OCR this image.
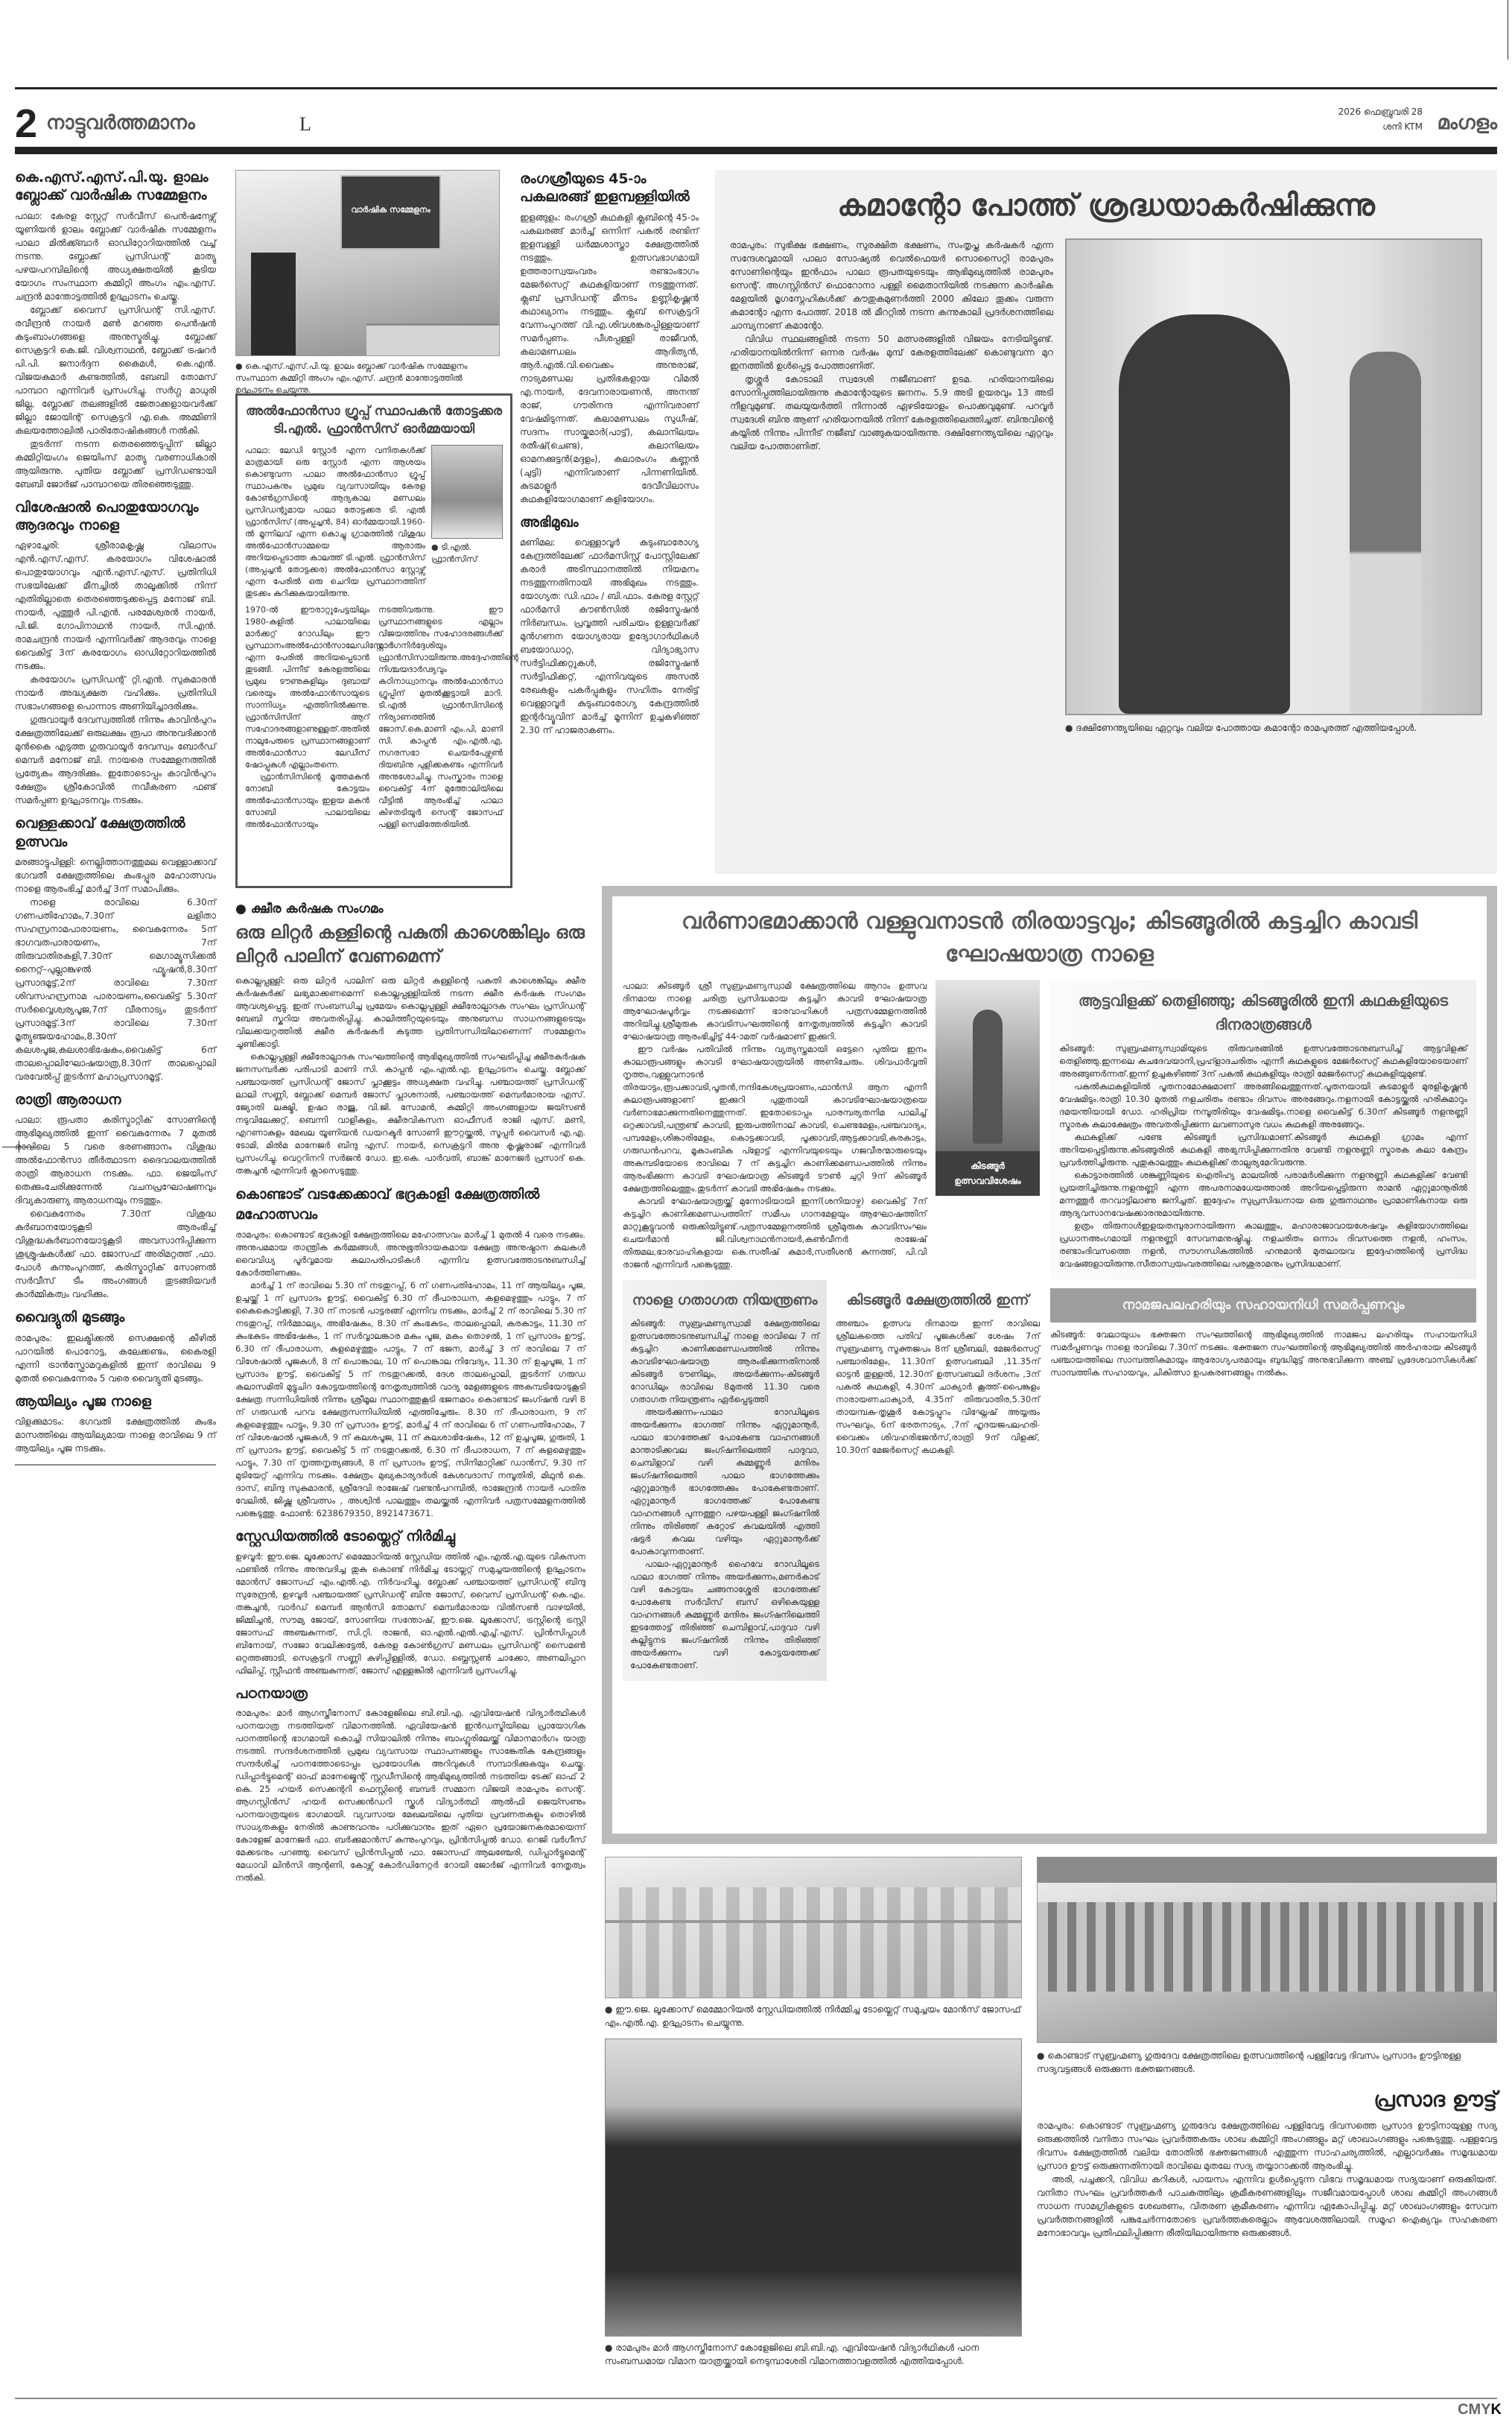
2 നാട്ടുവർത്തമാനം	L
2026 ഫെബ്രുവരി 28
ശനി KTM മംഗളം
കെ.എസ്.എസ്.പി.യു. ളാലം ബ്ലോക്ക് വാർഷിക സമ്മേളനം

പാലാ: കേരള സ്റ്റേറ്റ് സർവീസ് പെൻഷനേഴ്സ് യൂണിയൻ ളാലം ബ്ലോക്ക് വാർഷിക സമ്മേളനം പാലാ മിൽക്ക്ബാർ ഓഡിറ്റോറിയത്തിൽ വച്ച് നടന്നു. ബ്ലോക്ക് പ്രസിഡന്റ് മാത്യു പഴയപറമ്പിലിന്റെ അധ്യക്ഷതയിൽ കൂടിയ യോഗം സംസ്ഥാന കമ്മിറ്റി അംഗം എം.എസ്. ചന്ദ്രൻ മാന്തോട്ടത്തിൽ ഉദ്ഘാടനം ചെയ്തു.

ബ്ലോക്ക് വൈസ് പ്രസിഡന്റ് സി.എസ്. രവീന്ദ്രൻ നായർ മൺ മറഞ്ഞ പെൻഷൻ കുടുംബാംഗങ്ങളെ അനുസ്മരിച്ചു. ബ്ലോക്ക് സെക്രട്ടറി കെ.ജി. വിശ്വനാഥൻ, ബ്ലോക്ക് ട്രഷറർ പി.പി. ജനാർദ്ദന കൈമൾ, കെ.എൻ. വിജയകുമാർ കണ്ടത്തിൽ, ബേബി തോമസ് പാമ്പാറ എന്നിവർ പ്രസംഗിച്ചു. സർഗ്ഗ മാധുരി ജില്ല, ബ്ലോക്ക് തലങ്ങളിൽ ജേതാക്കളായവർക്ക് ജില്ലാ ജോയിന്റ് സെക്രട്ടറി എ.കെ. അമ്മിണി കലയത്തോലിൽ പാരിതോഷികങ്ങൾ നൽകി.

തുടർന്ന് നടന്ന തെരഞ്ഞെടുപ്പിന് ജില്ലാ കമ്മിറ്റിയംഗം ജെയിംസ് മാത്യു വരണാധികാരി ആയിരുന്നു. പുതിയ ബ്ലോക്ക് പ്രസിഡണ്ടായി ബേബി ജോർജ് പാമ്പാറയെ തിരഞ്ഞെടുത്തു.

വിശേഷാൽ പൊതുയോഗവും ആദരവും നാളെ

ഏഴാച്ചേരി: ശ്രീരാമകൃഷ്ണ വിലാസം എൻ.എസ്.എസ്. കരയോഗം വിശേഷാൽ പൊതുയോഗവും എൻ.എസ്.എസ്. പ്രതിനിധി സഭയിലേക്ക് മീനച്ചിൽ താലൂക്കിൽ നിന്ന് എതിരില്ലാതെ തെരഞ്ഞെടുക്കപ്പെട്ട മനോജ് ബി. നായർ, പുത്തൂർ പി.എൻ. പരമേശ്വരൻ നായർ, പി.ജി. ഗോപിനാഥൻ നായർ, സി.എൻ. രാമചന്ദ്രൻ നായർ എന്നിവർക്ക് ആദരവും നാളെ വൈകിട്ട് 3ന് കരയോഗം ഓഡിറ്റോറിയത്തിൽ നടക്കും.

കരയോഗം പ്രസിഡന്റ് റ്റി.എൻ. സുകുമാരൻ നായർ അദ്ധ്യക്ഷത വഹിക്കും. പ്രതിനിധി സഭാംഗങ്ങളെ പൊന്നാട അണിയിച്ചാദരിക്കും.

ഗുരുവായൂർ ദേവസ്വത്തിൽ നിന്നും കാവിൻപുറം ക്ഷേത്രത്തിലേക്ക് ഒരുലക്ഷം രൂപാ അനുവദിക്കാൻ മുൻകൈ എടുത്ത ഗുരുവായൂർ ദേവസ്വം ബോർഡ് മെമ്പർ മനോജ് ബി. നായരെ സമ്മേളനത്തിൽ പ്രത്യേകം ആദരിക്കും. ഇതോടൊപ്പം കാവിൻപുറം ക്ഷേത്രം ശ്രീകോവിൽ നവീകരണ ഫണ്ട് സമർപ്പണ ഉദ്ഘാടനവും നടക്കും.

വെള്ളക്കാവ് ക്ഷേത്രത്തിൽ ഉത്സവം

മരങ്ങാട്ടുപിള്ളി: നെല്ലിത്താനത്തുമല വെള്ളാക്കാവ് ഭഗവതീ ക്ഷേത്രത്തിലെ കുംഭപ്പൂര മഹോത്സവം നാളെ ആരംഭിച്ച് മാർച്ച് 3ന് സമാപിക്കും.

നാളെ രാവിലെ 6.30ന് ഗണപതിഹോമം,7.30ന് ലളിതാ സഹസ്രനാമപാരായണം, വൈകുന്നേരം 5ന് ഭാഗവതപാരായണം, 7ന് തിരുവാതിരകളി,7.30ന് മെഗാമ്യൂസിക്കൽ നൈറ്റ്–പുല്ലാങ്കുഴൽ ഫ്യൂഷൻ,8.30ന് പ്രസാദമൂട്ട്,2ന് രാവിലെ 7.30ന് ശിവസഹസ്രനാമ പാരായണം,വൈകിട്ട് 5.30ന് സർവ്വൈശ്വര്യപൂജ,7ന് വീരനാട്യം തുടർന്ന് പ്രസാദമൂട്ട്.3ന് രാവിലെ 7.30ന് മൃത്യുഞ്ജയഹോമം,8.30ന് കലശപൂജ,കലശാഭിഷേകം,വൈകിട്ട് 6ന് താലപ്പൊലിഘോഷയാത്ര,8.30ന് താലപ്പൊലി വരവേൽപ്പ് തുടർന്ന് മഹാപ്രസാദമൂട്ട്.

രാത്രി ആരാധന

പാലാ: രൂപതാ കരിസ്മാറ്റിക് സോണിന്റെ ആഭിമുഖ്യത്തിൽ ഇന്ന് വൈകുന്നേരം 7 മുതൽ രാവിലെ 5 വരെ ഭരണങ്ങാനം വിശുദ്ധ അൽഫോൻസാ തീർത്ഥാടന ദൈവാലയത്തിൽ രാത്രി ആരാധന നടക്കും. ഫാ. ജെയിംസ് തെക്കുംചേരിക്കുന്നേൽ വചനപ്രഘോഷണവും ദിവ്യകാരുണ്യ ആരാധനയും നടത്തും.

വൈകുന്നേരം 7.30ന് വിശുദ്ധ കുർബാനയോടുകൂടി ആരംഭിച്ച് വിശുദ്ധകുർബാനയോടുകൂടി അവസാനിപ്പിക്കുന്ന ശുശ്രൂഷകൾക്ക് ഫാ. ജോസഫ് അരിമറ്റത്ത് ,ഫാ. പോൾ കുന്നുംപുറത്ത്, കരിസ്മാറ്റിക് സോണൽ സർവീസ് ടീം അംഗങ്ങൾ തുടങ്ങിയവർ കാർമ്മികത്വം വഹിക്കും.

വൈദ്യുതി മുടങ്ങും

രാമപുരം: ഇലക്ട്രിക്കൽ സെക്ഷന്റെ കീഴിൽ പാറയിൽ പൊറോട്ട, കലേക്കണ്ടം, കൈരളി എന്നി ട്രാൻസ്ഫോമറുകളിൽ ഇന്ന് രാവിലെ 9 മുതൽ വൈകുന്നേരം 5 വരെ വൈദ്യുതി മുടങ്ങും.

ആയില്യം പൂജ നാളെ

വിളക്കുമാടം: ഭഗവതി ക്ഷേത്രത്തിൽ കുംഭം മാസത്തിലെ ആയില്യമായ നാളെ രാവിലെ 9 ന് ആയില്യം പൂജ നടക്കും.

വാർഷിക സമ്മേളനം
● കെ.എസ്.എസ്.പി.യു. ളാലം ബ്ലോക്ക് വാർഷിക സമ്മേളനം സംസ്ഥാന കമ്മിറ്റി അംഗം എം.എസ്. ചന്ദ്രൻ മാന്തോട്ടത്തിൽ ഉദ്ഘാടനം ചെയ്യുന്നു.
അൽഫോൻസാ ഗ്രൂപ്പ് സ്ഥാപകൻ തോട്ടക്കര ടി.എൽ. ഫ്രാൻസിസ് ഓർമ്മയായി

പാലാ: ലേഡി സ്റ്റോർ എന്ന വനിതകൾക്ക് മാത്രമായി ഒരു സ്റ്റോർ എന്ന ആശയം കൊണ്ടുവന്ന പാലാ അൽഫോൻസാ ഗ്രൂപ്പ് സ്ഥാപകനും പ്രമുഖ വ്യവസായിയും കേരള കോൺഗ്രസിന്റെ ആദ്യകാല മണ്ഡലം പ്രസിഡന്റുമായ പാലാ തോട്ടക്കര ടി. എൽ ഫ്രാൻസിസ് (അപ്പച്ചൻ, 84) ഓർമ്മയായി.1960-ൽ മൂന്നിലവ് എന്ന കൊച്ചു ഗ്രാമത്തിൽ വിശുദ്ധ അൽഫോൻസാമ്മയെ ആരാരും അറിയപ്പെടാത്ത കാലത്ത് ടി.എൽ. ഫ്രാൻസിസ് (അപ്പച്ചൻ തോട്ടക്കര) അൽഫോൻസാ സ്റ്റോഴ്സ് എന്ന പേരിൽ ഒരു ചെറിയ പ്രസ്ഥാനത്തിന് തുടക്കം കുറിക്കുകയായിരുന്നു.

● ടി.എൽ. ഫ്രാൻസിസ്

1970-ൽ ഈരാറ്റുപേട്ടയിലും 1980-കളിൽ പാലായിലെ മാർക്കറ്റ് റോഡിലും ഈ പ്രസ്ഥാനംഅൽഫോൻസാലേഡിസ്റ്റോർ എന്ന പേരിൽ അറിയപ്പെടാൻ തുടങ്ങി. പിന്നീട് കേരളത്തിലെ പ്രമുഖ ടൗണുകളിലും ദുബായ് വരെയും അൽഫോൻസായുടെ സാന്നിധ്യം എത്തിനിൽക്കുന്നു. ഫ്രാൻസിസിന് ആറ് സഹോദരങ്ങളാണുള്ളത്.അതിൽ നാലുപേരുടെ പ്രസ്ഥാനങ്ങളാണ് അൽഫോൻസാ ലേഡീസ് ഷോപ്പുകൾ എല്ലാംതന്നെ.

ഫ്രാൻസിസിന്റെ മൂത്തമകൻ നോബി കോട്ടയം അൽഫോൻസായും ഇളയ മകൻ സോബി പാലായിലെ അൽഫോൻസായും നടത്തിവരുന്നു. ഈ പ്രസ്ഥാനങ്ങളുടെ എല്ലാം വിജയത്തിനും സഹോദരങ്ങൾക്ക് മാർഗനിർദ്ദേശിയും ഫ്രാൻസിസായിരുന്നു.അദ്ദേഹത്തിന്റെ നിശ്ചയദാർഢ്യവും കഠിനാധ്വാനവും അൽഫോൻസാ ഗ്രൂപ്പിന് മുതൽക്കൂട്ടായി മാറി. ടി.എൽ ഫ്രാൻസിസിന്റെ നിര്യാണത്തിൽ ജോസ്.കെ.മാണി എം.പി, മാണി സി. കാപ്പൻ എം.എൽ.എ, നഗരസഭാ ചെയർപേഴ്സൺ ദിയബിനു പുളിക്കകണ്ടം എന്നിവർ അനുശോചിച്ചു. സംസ്കാരം നാളെ വൈകിട്ട് 4ന് മുത്തോലിയിലെ വീട്ടിൽ ആരംഭിച്ച് പാലാ കിഴതടിയൂർ സെന്റ് ജോസഫ് പള്ളി സെമിത്തേരിയിൽ.

രംഗശ്രീയുടെ 45-ാം പകലരങ്ങ് ഇളമ്പള്ളിയിൽ

ഇളങ്ങുളം: രംഗശ്രീ കഥകളി ക്ലബിന്റെ 45-ാം പകലരങ്ങ് മാർച്ച് ഒന്നിന് പകൽ രണ്ടിന് ഇളമ്പള്ളി ധർമ്മശാസ്താ ക്ഷേത്രത്തിൽ നടത്തും. ഉത്സവഭാഗമായി ഉത്തരാസ്വയംവരം രണ്ടാംഭാഗം മേജർസെറ്റ് കഥകളിയാണ് നടത്തുന്നത്. ക്ലബ് പ്രസിഡന്റ് മീനടം ഉണ്ണികൃഷ്ണൻ കഥാഖ്യാനം നടത്തും. ക്ലബ് സെക്രട്ടറി വേന്നംപുറത്ത് വി.എ.ശിവശങ്കരപ്പിള്ളയാണ് സമർപ്പണം. പീശപ്പള്ളി രാജീവൻ, കലാമണ്ഡലം ആദിത്യൻ, ആർ.എൽ.വി.വൈക്കം അനുരാജ്, നാട്യമണ്ഡല പ്രതിഭകളായ വിമൽ എ.നായർ, ദേവനാരായണൻ, അനന്ത് രാജ്, ഗൗരിനന്ദ എന്നിവരാണ് വേഷമിടുന്നത്. കലാമണ്ഡലം സുധീഷ്, സദനം സായ്കുമാർ(പാട്ട്), കലാനിലയം രതീഷ്(ചെണ്ട), കലാനിലയം ഓമനക്കുട്ടൻ(മദ്ദളം), കലാരംഗം കണ്ണൻ (ചുട്ടി) എന്നിവരാണ് പിന്നണിയിൽ. കുടമാളൂർ ദേവീവിലാസം കഥകളിയോഗമാണ് കളിയോഗം.

അഭിമുഖം

മണിമല: വെള്ളാവൂർ കുടുംബാരോഗ്യ കേന്ദ്രത്തിലേക്ക് ഫാർമസിസ്റ്റ് പോസ്റ്റിലേക്ക് കരാർ അടിസ്ഥാനത്തിൽ നിയമനം നടത്തുന്നതിനായി അഭിമുഖം നടത്തും. യോഗ്യത: ഡി.ഫാം / ബി.ഫാം. കേരള സ്റ്റേറ്റ് ഫാർമസി കൗൺസിൽ രജിസ്ട്രേഷൻ നിർബന്ധം. പ്രവൃത്തി പരിചയം ഉള്ളവർക്ക് മുൻഗണന യോഗ്യരായ ഉദ്യോഗാർഥികൾ ബയോഡാറ്റ, വിദ്യാഭ്യാസ സർട്ടിഫിക്കറ്റുകൾ, രജിസ്ട്രേഷൻ സർട്ടിഫിക്കറ്റ്, എന്നിവയുടെ അസൽ രേഖകളും പകർപ്പുകളും സഹിതം നേരിട്ട് വെള്ളാവൂർ കുടുംബാരോഗ്യ കേന്ദ്രത്തിൽ ഇന്റർവ്യൂവിന് മാർച്ച് മൂന്നിന് ഉച്ചകഴിഞ്ഞ് 2.30 ന് ഹാജരാകണം.

കമാന്റോ പോത്ത് ശ്രദ്ധയാകർഷിക്കുന്നു

രാമപുരം: സുഭിക്ഷ ഭക്ഷണം, സുരക്ഷിത ഭക്ഷണം, സംതൃപ്ത കർഷകർ എന്ന സന്ദേശവുമായി പാലാ സോഷ്യൽ വെൽഫെയർ സൊസൈറ്റി രാമപുരം സോണിന്റെയും ഇൻഫാം പാലാ രൂപതയുടെയും ആഭിമുഖ്യത്തിൽ രാമപുരം സെന്റ്. അഗസ്റ്റിൻസ് ഫൊറോനാ പള്ളി മൈതാനിയിൽ നടക്കുന്ന കാർഷിക മേളയിൽ മൃഗസ്നേഹികൾക്ക് കൗതുകമുണർത്തി 2000 കിലോ തൂക്കം വരുന്ന കമാന്റോ എന്ന പോത്ത്. 2018 ൽ മീററ്റിൽ നടന്ന കന്നുകാലി പ്രദർശനത്തിലെ ചാമ്പ്യനാണ് കമാന്റോ.

വിവിധ സ്ഥലങ്ങളിൽ നടന്ന 50 മത്സരങ്ങളിൽ വിജയം നേടിയിട്ടുണ്ട്. ഹരിയാനയിൽനിന്ന് ഒന്നര വർഷം മുമ്പ് കേരളത്തിലേക്ക് കൊണ്ടുവന്ന മുറ ഇനത്തിൽ ഉൾപ്പെട്ട പോത്താണിത്.

തൃശ്ശൂർ കോടാലി സ്വദേശി നജീബാണ് ഉടമ. ഹരിയാനയിലെ സോനിപ്പത്തിലായിരുന്നു കമാന്റോയുടെ ജനനം. 5.9 അടി ഉയരവും 13 അടി നീളവുമുണ്ട്. തലയുയർത്തി നിന്നാൽ ഏഴടിയോളം പൊക്കവുമുണ്ട്. പറവൂർ സ്വദേശി ബിനു ആണ് ഹരിയാനയിൽ നിന്ന് കേരളത്തിലെത്തിച്ചത്. ബിനുവിന്റെ കയ്യിൽ നിന്നും പിന്നീട് നജീബ് വാങ്ങുകയായിരുന്നു. ദക്ഷിണേന്ത്യയിലെ ഏറ്റവും വലിയ പോത്താണിത്.

● ദക്ഷിണേന്ത്യയിലെ ഏറ്റവും വലിയ പോത്തായ കമാന്റോ രാമപുരത്ത് എത്തിയപ്പോൾ.
● ക്ഷീര കർഷക സംഗമം
ഒരു ലിറ്റർ കള്ളിന്റെ പകുതി കാശെങ്കിലും ഒരു ലിറ്റർ പാലിന് വേണമെന്ന്

കൊല്ലപ്പള്ളി: ഒരു ലിറ്റർ പാലിന് ഒരു ലിറ്റർ കള്ളിന്റെ പകുതി കാശെങ്കിലും ക്ഷീര കർഷകർക്ക് ലഭ്യമാക്കണമെന്ന് കൊല്ലപ്പള്ളിയിൽ നടന്ന ക്ഷീര കർഷക സംഗമം ആവശ്യപ്പെട്ടു. ഇത് സംബന്ധിച്ച പ്രമേയം കൊല്ലപ്പള്ളി ക്ഷീരോല്പാദക സംഘം പ്രസിഡന്റ് ബേബി സ്കറിയ അവതരിപ്പിച്ചു. കാലിത്തീറ്റയുടെയും അനുബന്ധ സാധനങ്ങളുടെയും വിലക്കയറ്റത്തിൽ ക്ഷീര കർഷകർ കടുത്ത പ്രതിസന്ധിയിലാണെന്ന് സമ്മേളനം ചൂണ്ടിക്കാട്ടി.

കൊല്ലപ്പള്ളി ക്ഷീരോല്പാദക സംഘത്തിന്റെ ആഭിമുഖ്യത്തിൽ സംഘടിപ്പിച്ച ക്ഷീരകർഷക ജനസമ്പർക്ക പരിപാടി മാണി സി. കാപ്പൻ എം.എൽ.എ. ഉദ്ഘാടനം ചെയ്തു. ബ്ലോക്ക് പഞ്ചായത്ത് പ്രസിഡന്റ് ജോസ് പ്ലാക്കൂട്ടം അധ്യക്ഷത വഹിച്ചു. പഞ്ചായത്ത് പ്രസിഡന്റ് ലാലി സണ്ണി, ബ്ലോക്ക് മെമ്പർ ജോസ് പ്ലാശനാൽ, പഞ്ചായത്ത് മെമ്പർമാരായ എസ്. ജ്യോതി ലക്ഷ്മി, ഉഷാ രാജു, വി.ജി. സോമൻ, കമ്മിറ്റി അംഗങ്ങളായ ജയ്സൺ നടുവിലേക്കുറ്റ്, ബെന്നി വാളികുളം, ക്ഷീരവികസന ഓഫീസർ രാജി എസ്. മണി, എറണാകുളം മേഖല യൂണിയൻ ഡയറക്ടർ സോണി ഈറ്റയ്ക്കൽ, സൂപ്പർ വൈസർ എ.എ. ടോമി, മിൽമ മാനേജർ ബിന്ദു എസ്. നായർ, സെക്രട്ടറി അനു കൃഷ്ണരാജ് എന്നിവർ പ്രസംഗിച്ചു. വെറ്ററിനറി സർജൻ ഡോ. ഇ.കെ. പാർവതി, ബാങ്ക് മാനേജർ പ്രസാദ് കെ. തങ്കച്ചൻ എന്നിവർ ക്ലാസെടുത്തു.

കൊണ്ടാട് വടക്കേക്കാവ് ഭദ്രകാളി ക്ഷേത്രത്തിൽ മഹോത്സവം

രാമപുരം: കൊണ്ടാട് ഭദ്രകാളി ക്ഷേത്രത്തിലെ മഹോത്സവം മാർച്ച് 1 മുതൽ 4 വരെ നടക്കും. അനുപമമായ താന്ത്രിക കർമ്മങ്ങൾ, അനുഭൂതിദായകമായ ക്ഷേത്ര അനുഷ്ഠാന കലകൾ വൈവിധ്യ പൂർവ്വമായ കലാപരിപാടികൾ എന്നിവ ഉത്സവത്തോടനുബന്ധിച്ച് കോർത്തിണക്കും.

മാർച്ച് 1 ന് രാവിലെ 5.30 ന് നടതുറപ്പ്, 6 ന് ഗണപതിഹോമം, 11 ന് ആയില്യം പൂജ, ഉച്ചയ്ക്ക് 1 ന് പ്രസാദം ഊട്ട്, വൈകിട്ട് 6.30 ന് ദീപാരാധന, കളമെഴുത്തും പാട്ടും, 7 ന് കൈകൊട്ടിക്കളി, 7.30 ന് നാടൻ പാട്ടരങ്ങ് എന്നിവ നടക്കും, മാർച്ച് 2 ന് രാവിലെ 5.30 ന് നടതുറപ്പ്, നിർമ്മാല്യം, അഭിഷേകം, 8.30 ന് കുംഭകുടം, താലപ്പൊലി, കരകാട്ടം, 11.30 ന് കുംഭകുടം അഭിഷേകം, 1 ന് സർവ്വാലങ്കാര മകം പൂജ, മകം തൊഴൽ, 1 ന് പ്രസാദം ഊട്ട്, 6.30 ന് ദീപാരാധന, കളമെഴുത്തും പാട്ടും, 7 ന് ഭജന, മാർച്ച് 3 ന് രാവിലെ 7 ന് വിശേഷാൽ പൂജകൾ, 8 ന് പൊങ്കാല, 10 ന് പൊങ്കാല നിവേദ്യം, 11.30 ന് ഉച്ചപൂജ, 1 ന് പ്രസാദം ഊട്ട്, വൈകിട്ട് 5 ന് നടതുറക്കൽ, ദേശ താലപ്പൊലി, തുടർന്ന് ഗരുഡ കലാസമിതി മുട്ടുചിറ കോട്ടയത്തിന്റെ നേതൃത്വത്തിൽ വാദ്യ മേളങ്ങളുടെ അകമ്പടിയോടുകൂടി ക്ഷേത്ര സന്നിധിയിൽ നിന്നും ശ്രീമൂല സ്ഥാനത്തുകൂടി ഭജനമഠം കൊണ്ടാട് ജംഗ്ഷൻ വഴി 8 ന് ഗരുഡൻ പറവ ക്ഷേത്രസന്നിധിയിൽ എത്തിച്ചേരും. 8.30 ന് ദീപാരാധന, 9 ന് കളമെഴുത്തും പാട്ടും, 9.30 ന് പ്രസാദം ഊട്ട്, മാർച്ച് 4 ന് രാവിലെ 6 ന് ഗണപതിഹോമം, 7 ന് വിശേഷാൽ പൂജകൾ, 9 ന് കലശപൂജ, 11 ന് കലശാഭിഷേകം, 12 ന് ഉച്ചപൂജ, ഗുരുതി, 1 ന് പ്രസാദം ഊട്ട്, വൈകിട്ട് 5 ന് നടതുറക്കൽ, 6.30 ന് ദീപാരാധന, 7 ന് കളമെഴുത്തും പാട്ടും, 7.30 ന് നൃത്തനൃത്യങ്ങൾ, 8 ന് പ്രസാദം ഊട്ട്, സിനിമാറ്റിക്ക് ഡാൻസ്, 9.30 ന് മുടിയേറ്റ് എന്നിവ നടക്കും. ക്ഷേത്രം മുഖ്യകാര്യദർശി കേശവദാസ് നമ്പൂതിരി, മിഥുൻ കെ. ദാസ്, ബിന്ദു സുകുമാരൻ, ശ്രീദേവി രാജേഷ് വണ്ടൻപറമ്പിൽ, രാജേന്ദ്രൻ നായർ പാതിര വേലിൽ, ജിഷ്ണു ശ്രീവത്സം , അശ്വിൻ പാലത്തും തലയ്ക്കൽ എന്നിവർ പത്രസമ്മേളനത്തിൽ പങ്കെടുത്തു. ഫോൺ: 6238679350, 8921473671.

സ്റ്റേഡിയത്തിൽ ടോയ്ലെറ്റ് നിർമിച്ചു

ഉഴവൂർ: ഈ.ജെ. ലൂക്കോസ് മെമ്മോറിയൽ സ്റ്റേഡിയ ത്തിൽ എം.എൽ.എ.യുടെ വികസന ഫണ്ടിൽ നിന്നും അനുവദിച്ച തുക കൊണ്ട് നിർമിച്ച ടോയ്ലറ്റ് സമുച്ചയത്തിന്റെ ഉദ്ഘാടനം മോൻസ് ജോസഫ് എം.എൽ.എ. നിർവഹിച്ചു. ബ്ലോക്ക് പഞ്ചായത്ത് പ്രസിഡന്റ് ബിന്ദു സുരേന്ദ്രൻ, ഉഴവൂർ പഞ്ചായത്ത് പ്രസിഡന്റ് ബിനു ജോസ്, വൈസ് പ്രസിഡന്റ് കെ.എം. തങ്കച്ചൻ, വാർഡ് മെമ്പർ ആൻസി തോമസ് മെമ്പർമാരായ വിൽസൺ വാഴയിൽ, ജിമ്മിച്ചൻ, സൗമ്യ ജോയ്, സോണിയ സന്തോഷ്, ഈ.ജെ. ലൂക്കോസ്, ട്രസ്റ്റിന്റെ ട്രസ്റ്റി ജോസഫ് അഞ്ചകുന്നത്, സി.റ്റി. രാജൻ, ഓ.എൽ.എൽ.എച്ച്.എസ്. പ്രിൻസിപ്പാൾ ബിനോയ്, സജോ വേലിക്കട്ടേൽ, കേരള കോൺഗ്രസ് മണ്ഡലം പ്രസിഡന്റ് സൈമൺ ഒറ്റത്തങ്ങാടി, സെക്രട്ടറി സണ്ണി കുഴിപ്പിള്ളിൽ, ഡോ. ബ്ലെസ്സൺ ചാക്കോ, അണലിപ്പാറ ഫിലിപ്പ്, സ്റ്റീഫൻ അഞ്ചകുന്നത്, ജോസ് എള്ളങ്കിൽ എന്നിവർ പ്രസംഗിച്ചു.

പഠനയാത്ര

രാമപുരം: മാർ ആഗസ്തീനോസ് കോളേജിലെ ബി.ബി.എ. ഏവിയേഷൻ വിദ്യാർത്ഥികൾ പഠനയാത്ര നടത്തിയത് വിമാനത്തിൽ. ഏവിയേഷൻ ഇൻഡസ്ട്രിയിലെ പ്രായോഗിക പഠനത്തിന്റെ ഭാഗമായി കൊച്ചി സിയാലിൽ നിന്നും ബാംഗ്ലൂരിലേയ്ക്ക് വിമാനമാർഗം യാത്ര നടത്തി. സന്ദർശനത്തിൽ പ്രമുഖ വ്യവസായ സ്ഥാപനങ്ങളും സാങ്കേതിക കേന്ദ്രങ്ങളും സന്ദർശിച്ച് പഠനത്തോടൊപ്പം പ്രായോഗിക അറിവുകൾ സമ്പാദിക്കുകയും ചെയ്തു. ഡിപ്പാർട്ടുമെന്റ് ഓഫ് മാനേജ്മെന്റ് സ്റ്റഡീസിന്റെ ആഭിമുഖ്യത്തിൽ നടത്തിയ ടേക്ക് ഓഫ് 2 കെ. 25 ഹയർ സെക്കന്ററി ഫെസ്റ്റിന്റെ ബമ്പർ സമ്മാന വിജയി രാമപുരം സെന്റ്. ആഗസ്റ്റിൻസ് ഹയർ സെക്കൻഡറി സ്കൂൾ വിദ്യാർത്ഥി ആൽഫി ജെയ്സണും പഠനയാത്രയുടെ ഭാഗമായി. വ്യവസായ മേഖലയിലെ പുതിയ പ്രവണതകളും തൊഴിൽ സാധ്യതകളും നേരിൽ കാണുവാനും പഠിക്കുവാനും ഇത് ഏറെ പ്രയോജനകരമായെന്ന് കോളേജ് മാനേജർ ഫാ. ബർക്കുമാൻസ് കുന്നുംപുറവും, പ്രിൻസിപ്പൽ ഡോ. റെജി വർഗീസ് മേക്കടനും പറഞ്ഞു. വൈസ് പ്രിൻസിപ്പൽ ഫാ. ജോസഫ് ആലഞ്ചേരി, ഡിപ്പാർട്ടുമെന്റ് മേധാവി ലിൻസി ആന്റണി, കോഴ്സ് കോർഡിനേറ്റർ റോയി ജോർജ് എന്നിവർ നേതൃത്വം നൽകി.

വർണാഭമാക്കാൻ വള്ളുവനാടൻ തിരയാട്ടവും; കിടങ്ങൂരിൽ കട്ടച്ചിറ കാവടി ഘോഷയാത്ര നാളെ

പാലാ: കിടങ്ങൂർ ശ്രീ സുബ്രഹ്മണ്യസ്വാമി ക്ഷേത്രത്തിലെ ആറാം ഉത്സവ ദിനമായ നാളെ ചരിത്ര പ്രസിദ്ധമായ കട്ടച്ചിറ കാവടി ഘോഷയാത്ര ആഘോഷപൂർവ്വം നടക്കുമെന്ന് ഭാരവാഹികൾ പത്രസമ്മേളനത്തിൽ അറിയിച്ചു.ശ്രീമുരുക കാവടിസംഘത്തിന്റെ നേതൃത്വത്തിൽ കട്ടച്ചിറ കാവടി ഘോഷയാത്ര ആരംഭിച്ചിട്ട് 44-ാമത് വർഷമാണ് ഇക്കുറി.

ഈ വർഷം പതിവിൽ നിന്നും വ്യത്യസ്തമായി ഒട്ടേറെ പുതിയ ഇനം കാലാരൂപങ്ങളും കാവടി ഘോഷയാത്രയിൽ അണിചേരും. ശിവപാർവ്വതി നൃത്തം,വള്ളുവനാടൻ തിരയാട്ടം,രൂപക്കാവടി,പൂതൻ,നന്ദികേശപ്രയാണം,ഫാൻസി ആന എന്നീ കലാരൂപങ്ങളാണ് ഇക്കുറി പുതുതായി കാവടിഘോഷയാത്രയെ വർണാഭമാക്കുന്നതിനെത്തുന്നത്. ഇതോടൊപ്പം പാരമ്പര്യതനിമ പാലിച്ച് ഒറ്റക്കാവടി,പന്ത്രണ്ട് കാവടി, ഇരുപത്തിനാല് കാവടി, ചെണ്ടമേളം,പഞ്ചവാദ്യം, പമ്പമേളം,ശിങ്കാരിമേളം, കൊട്ടക്കാവടി, പൂക്കാവടി,ആട്ടക്കാവടി,കരകാട്ടം, ഗരുഡൻപറവ, മൂകാംബിക പ്ളോട്ട് എന്നിവയുടെയും ഗജവീരന്മാരുടെയും അകമ്പടിയോടെ രാവിലെ 7 ന് കട്ടച്ചിറ കാണിക്കമണ്ഡപത്തിൽ നിന്നും ആരംഭിക്കുന്ന കാവടി ഘോഷയാത്ര കിടങ്ങൂർ ടൗൺ ചുറ്റി 9ന് കിടങ്ങൂർ ക്ഷേത്രത്തിലെത്തും.തുടർന്ന് കാവടി അഭിഷേകം നടക്കും.

കാവടി ഘോഷയാത്രയ്ക്ക് മുന്നോടിയായി ഇന്ന്(ശനിയാഴ്ച) വൈകിട്ട് 7ന് കട്ടച്ചിറ കാണിക്കമണ്ഡപത്തിന് സമീപം ഗാനമേളയും ആഘോഷത്തിന് മാറ്റുകൂട്ടുവാൻ ഒരുക്കിയിട്ടുണ്ട്.പത്രസമ്മേളനത്തിൽ ശ്രീമുരുക കാവടിസംഘം ചെയർമാൻ ജി.വിശ്വനാഥൻനായർ,കൺവീനർ രാജേഷ് തിരുമല,ഭാരവാഹികളായ കെ.സതീഷ് കുമാർ,സതീശൻ കുന്നത്ത്, പി.വി രാജൻ എന്നിവർ പങ്കെടുത്തു.

കിടങ്ങൂർ ഉത്സവവിശേഷം
നാളെ ഗതാഗത നിയന്ത്രണം

കിടങ്ങൂർ: സുബ്രഹ്മണ്യസ്വാമി ക്ഷേത്രത്തിലെ ഉത്സവത്തോടനുബന്ധിച്ച് നാളെ രാവിലെ 7 ന് കട്ടച്ചിറ കാണിക്കമണ്ഡപത്തിൽ നിന്നും കാവടിഘോഷയാത്ര ആരംഭിക്കുന്നതിനാൽ കിടങ്ങൂർ ടൗണിലും, അയർക്കുന്നം-കിടങ്ങൂർ റോഡിലും രാവിലെ 8മുതൽ 11.30 വരെ ഗതാഗത നിയന്ത്രണം ഏർപ്പെടുത്തി

അയർക്കുന്നം-പാലാ റോഡിലൂടെ അയർക്കുന്നം ഭാഗത്ത് നിന്നും ഏറ്റുമാനൂർ, പാലാ ഭാഗത്തേക്ക് പോകേണ്ട വാഹനങ്ങൾ മാന്താടിക്കവല ജംഗ്ഷനിലെത്തി പാദുവാ, ചെമ്പിളാവ് വഴി കുമ്മണ്ണൂർ മന്ദിരം ജംഗ്ഷനിലെത്തി പാലാ ഭാഗത്തേക്കും ഏറ്റുമാനൂർ ഭാഗത്തേക്കും പോകേണ്ടതാണ്. ഏറ്റുമാനൂർ ഭാഗത്തേക്ക് പോകേണ്ട വാഹനങ്ങൾ പുന്നത്തുറ പഴയപള്ളി ജംഗ്ഷനിൽ നിന്നും തിരിഞ്ഞ് കറ്റോട് കവലയിൽ എത്തി ഷട്ടർ കവല വഴിയും ഏറ്റുമാനൂർക്ക് പോകാവുന്നതാണ്.

പാലാ-ഏറ്റുമാനൂർ ഹൈവേ റോഡിലൂടെ പാലാ ഭാഗത്ത് നിന്നും അയർക്കുന്നം,മണർകാട് വഴി കോട്ടയം ചങ്ങനാശ്ശേരി ഭാഗത്തേക്ക് പോകേണ്ട സർവീസ് ബസ് ഒഴികെയുള്ള വാഹനങ്ങൾ കുമ്മണ്ണൂർ മന്ദിരം ജംഗ്ഷനിലെത്തി ഇടത്തോട്ട് തിരിഞ്ഞ് ചെമ്പിളാവ്,പാദുവാ വഴി കല്ലിട്ടുനട ജംഗ്ഷനിൽ നിന്നും തിരിഞ്ഞ് അയർക്കുന്നം വഴി കോട്ടയത്തേക്ക് പോകേണ്ടതാണ്.

കിടങ്ങൂർ ക്ഷേത്രത്തിൽ ഇന്ന്

അഞ്ചാം ഉത്സവ ദിനമായ ഇന്ന് രാവിലെ ശ്രീലകത്തെ പതിവ് പൂജകൾക്ക് ശേഷം 7ന് സുബ്രഹ്മണ്യ സൂക്തജപം 8ന് ശ്രീബലി, മേജർസെറ്റ് പഞ്ചാരിമേളം, 11.30ന് ഉത്സവബലി ,11.35ന് ഓട്ടൻ തുള്ളൽ, 12.30ന് ഉത്സവബലി ദർശനം ,3ന് പകൽ കഥകളി, 4.30ന് ചാക്യാർ കൂത്ത്-പൈങ്കുളം നാരായണചാക്യാർ, 4.35ന് തിരുവാതിര,5.30ന് തായമ്പക-തൃശൂർ കോട്ടപ്പുറം വിഘ്നേഷ് അയ്യരും സംഘവും, 6ന് ഭരതനാട്യം, ,7ന് ഹൃദയജപലഹരി-വൈക്കം ശിവഹരിഭജൻസ്,രാത്രി 9ന് വിളക്ക്, 10.30ന് മേജർസെറ്റ് കഥകളി.

ആട്ടവിളക്ക് തെളിഞ്ഞു; കിടങ്ങൂരിൽ ഇനി കഥകളിയുടെ ദിനരാത്രങ്ങൾ

കിടങ്ങൂർ: സുബ്രഹ്മണ്യസ്വാമിയുടെ തിരുവരങ്ങിൽ ഉത്സവത്തോടനുബന്ധിച്ച് ആട്ടവിളക്ക് തെളിഞ്ഞു.ഇന്നലെ കചദേവയാനി,പ്രഹ്ളാദചരിതം എന്നീ കഥകളുടെ മേജർസെറ്റ് കഥകളിയോടെയാണ് അരങ്ങുണർന്നത്.ഇന്ന് ഉച്ചകഴിഞ്ഞ് 3ന് പകൽ കഥകളിയും രാത്രി മേജർസെറ്റ് കഥകളിയുമുണ്ട്.

പകൽകഥകളിയിൽ പൂതനാമോക്ഷമാണ് അരങ്ങിലെത്തുന്നത്.പൂതനയായി കുടമാളൂർ മുരളികൃഷ്ണൻ വേഷമിടും.രാത്രി 10.30 മുതൽ നളചരിതം രണ്ടാം ദിവസം അരങ്ങേറും.നളനായി കോട്ടയ്ക്കൽ ഹരികുമാറും ദമയന്തിയായി ഡോ. ഹരിപ്രിയ നമ്പൂതിരിയും വേഷമിടും.നാളെ വൈകിട്ട് 6.30ന് കിടങ്ങൂർ നളനുണ്ണി സ്മാരക കലാക്ഷേത്രം അവതരിപ്പിക്കുന്ന ലവണാസുര വധം കഥകളി അരങ്ങേറും.

കഥകളിക്ക് പണ്ടേ കിടങ്ങൂർ പ്രസിദ്ധമാണ്.കിടങ്ങൂർ കഥകളി ഗ്രാമം എന്ന് അറിയപ്പെട്ടിരുന്നു.കിടങ്ങൂരിൽ കഥകളി അഭ്യസിപ്പിക്കുന്നതിനു വേണ്ടി നളനുണ്ണി സ്മാരക കലാ കേന്ദ്രം പ്രവർത്തിച്ചിരുന്നു. പുതുകാലത്തും കഥകളിക്ക് താല്പര്യമേറിവരുന്നു.

കൊട്ടാരത്തിൽ ശങ്കുണ്ണിയുടെ ഐതിഹ്യ മാലയിൽ പരാമർശിക്കുന്ന നളനുണ്ണി കഥകളിക്ക് വേണ്ടി പ്രയത്നിച്ചിരുന്നു.നളനുണ്ണി എന്ന അപരനാമധേയത്താൽ അറിയപ്പെട്ടിരുന്ന രാമൻ ഏറ്റുമാനൂരിൽ മന്നത്തൂർ തറവാട്ടിലാണു ജനിച്ചത്. ഇദ്ദേഹം സുപ്രസിദ്ധനായ ഒരു ഗുരുനാഥനും പ്രാമാണികനായ ഒരു ആദ്യവസാനവേഷക്കാരനുമായിരുന്നു.

ഉത്രം തിരുനാൾഇളയതമ്പുരാനായിരുന്ന കാലത്തും, മഹാരാജാവായശേഷവും കളിയോഗത്തിലെ പ്രധാനഅംഗമായി നളനുണ്ണി സേവനമനുഷ്ഠിച്ചു. നളചരിതം ഒന്നാം ദിവസത്തെ നളൻ, ഹംസം, രണ്ടാംദിവസത്തെ നളൻ, സൗഗന്ധികത്തിൽ ഹനുമാൻ മുതലായവ ഇദ്ദേഹത്തിന്റെ പ്രസിദ്ധ വേഷങ്ങളായിരുന്നു.സീതാസ്വയംവരത്തിലെ പരശുരാമനും പ്രസിദ്ധമാണ്.

നാമജപലഹരിയും സഹായനിധി സമർപ്പണവും

കിടങ്ങൂർ: വേലായുധം ഭക്തജന സംഘത്തിന്റെ ആഭിമുഖ്യത്തിൽ നാമജപ ലഹരിയും സഹായനിധി സമർപ്പണവും നാളെ രാവിലെ 7.30ന് നടക്കും. ഭക്തജന സംഘത്തിന്റെ ആഭിമുഖ്യത്തിൽ അർഹരായ കിടങ്ങൂർ പഞ്ചായത്തിലെ സാമ്പത്തികമായും ആരോഗ്യപരമായും ബുദ്ധിമുട്ട് അനുഭവിക്കുന്ന അഞ്ച് പ്രദേശവാസികൾക്ക് സാമ്പത്തിക സഹായവും, ചികിത്സാ ഉപകരണങ്ങളും നൽകും.

● ഈ.ജെ. ലൂക്കോസ് മെമ്മോറിയൽ സ്റ്റേഡിയത്തിൽ നിർമ്മിച്ച ടോയ്ലെറ്റ് സമുച്ചയം മോൻസ് ജോസഫ് എം.എൽ.എ. ഉദ്ഘാടനം ചെയ്യുന്നു.
● രാമപുരം മാർ ആഗസ്തീനോസ് കോളേജിലെ ബി.ബി.എ. ഏവിയേഷൻ വിദ്യാർഥികൾ പഠന സംബന്ധമായ വിമാന യാത്രയ്ക്കായി നെടുമ്പാശേരി വിമാനത്താവളത്തിൽ എത്തിയപ്പോൾ.
● കൊണ്ടാട് സുബ്രഹ്മണ്യ ഗുരുദേവ ക്ഷേത്രത്തിലെ ഉത്സവത്തിന്റെ പള്ളിവേട്ട ദിവസം പ്രസാദം ഊട്ടിനുള്ള സദ്യവട്ടങ്ങൾ ഒരുക്കുന്ന ഭക്തജനങ്ങൾ.
പ്രസാദ ഊട്ട്

രാമപുരം: കൊണ്ടാട് സുബ്രഹ്മണ്യ ഗുരുദേവ ക്ഷേത്രത്തിലെ പള്ളിവേട്ട ദിവസത്തെ പ്രസാദ ഊട്ടിനായുള്ള സദ്യ ഒരുക്കത്തിൽ വനിതാ സംഘം പ്രവർത്തകരും ശാഖ കമ്മിറ്റി അംഗങ്ങളും മറ്റ് ശാഖാംഗങ്ങളും പങ്കെടുത്തു. പള്ളവേട്ട ദിവസം ക്ഷേത്രത്തിൽ വലിയ തോതിൽ ഭക്തജനങ്ങൾ എത്തുന്ന സാഹചര്യത്തിൽ, എല്ലാവർക്കും സമൃദ്ധമായ പ്രസാദ ഊട്ട് ഒരുക്കുന്നതിനായി രാവിലെ മുതലേ സദ്യ തയ്യാറാക്കൽ ആരംഭിച്ചു.

അരി, പച്ചക്കറി, വിവിധ കറികൾ, പായസം എന്നിവ ഉൾപ്പെടുന്ന വിഭവ സമൃദ്ധമായ സദ്യയാണ് ഒരുക്കിയത്. വനിതാ സംഘം പ്രവർത്തകർ പാചകത്തിലും ക്രമീകരണങ്ങളിലും സജീവമായപ്പോൾ ശാഖ കമ്മിറ്റി അംഗങ്ങൾ സാധന സാമഗ്രികളുടെ ശേഖരണം, വിതരണ ക്രമീകരണം എന്നിവ ഏകോപിപ്പിച്ചു. മറ്റ് ശാഖാംഗങ്ങളും സേവന പ്രവർത്തനങ്ങളിൽ പങ്കുചേർന്നതോടെ പ്രവർത്തകരെല്ലാം ആവേശത്തിലായി. സമൂഹ ഐക്യവും സഹകരണ മനോഭാവവും പ്രതിഫലിപ്പിക്കുന്ന രീതിയിലായിരുന്നു ഒരുക്കങ്ങൾ.

CMYK
